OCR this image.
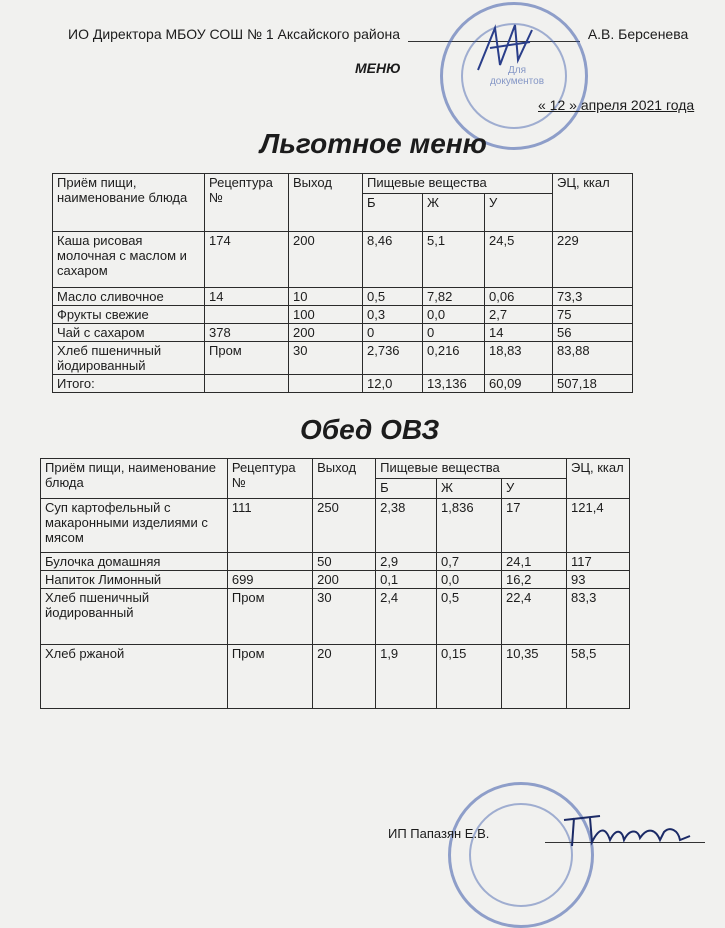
ИО Директора МБОУ СОШ № 1 Аксайского района	А.В. Берсенева
Для документов
МЕНЮ
« 12 » апреля 2021 года
Льготное меню
Приём пищи, наименование блюда	Рецептура №	Выход	Пищевые вещества			ЭЦ, ккал
			Б	Ж	У	
Каша рисовая молочная с маслом и сахаром	174	200	8,46	5,1	24,5	229
Масло сливочное	14	10	0,5	7,82	0,06	73,3
Фрукты свежие		100	0,3	0,0	2,7	75
Чай с сахаром	378	200	0	0	14	56
Хлеб пшеничный йодированный	Пром	30	2,736	0,216	18,83	83,88
Итого:			12,0	13,136	60,09	507,18
Обед ОВЗ
Приём пищи, наименование блюда	Рецептура №	Выход	Пищевые вещества			ЭЦ, ккал
			Б	Ж	У	
Суп картофельный с макаронными изделиями с мясом	111	250	2,38	1,836	17	121,4
Булочка домашняя		50	2,9	0,7	24,1	117
Напиток Лимонный	699	200	0,1	0,0	16,2	93
Хлеб пшеничный йодированный	Пром	30	2,4	0,5	22,4	83,3
Хлеб ржаной	Пром	20	1,9	0,15	10,35	58,5
ИП Папазян Е.В.
